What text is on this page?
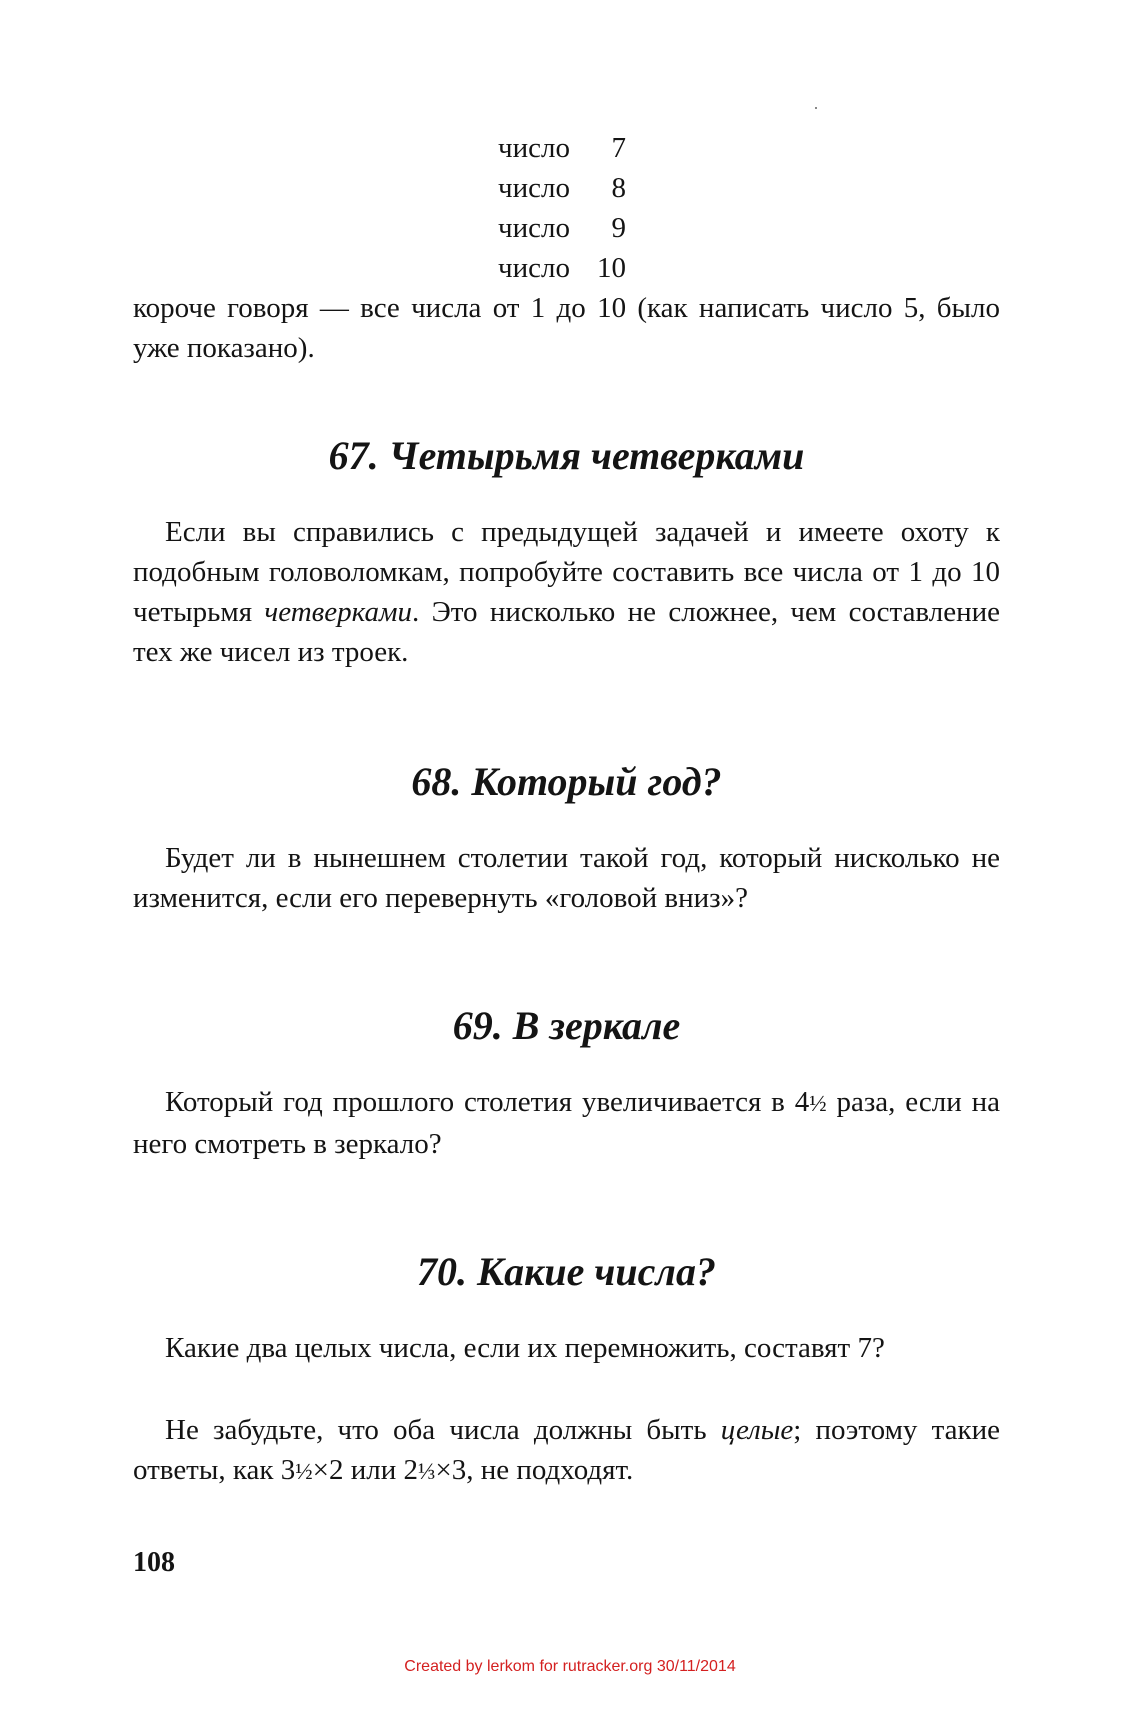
число	7
число	8
число	9
число 10

короче говоря — все числа от 1 до 10 (как написать число 5, было уже показано).

67. Четырьмя четверками

Если вы справились с предыдущей задачей и имеете охоту к подобным головоломкам, попробуйте составить все числа от 1 до 10 четырьмя четверками. Это нисколько не сложнее, чем составление тех же чисел из троек.

68. Который год?

Будет ли в нынешнем столетии такой год, который нисколько не изменится, если его перевернуть «головой вниз»?

69. В зеркале

Который год прошлого столетия увеличивается в 4½ раза, если на него смотреть в зеркало?

70. Какие числа?

Какие два целых числа, если их перемножить, составят 7?

Не забудьте, что оба числа должны быть целые; поэтому такие ответы, как 3½×2 или 2⅓×3, не подходят.

108
Created by lerkom for rutracker.org 30/11/2014
